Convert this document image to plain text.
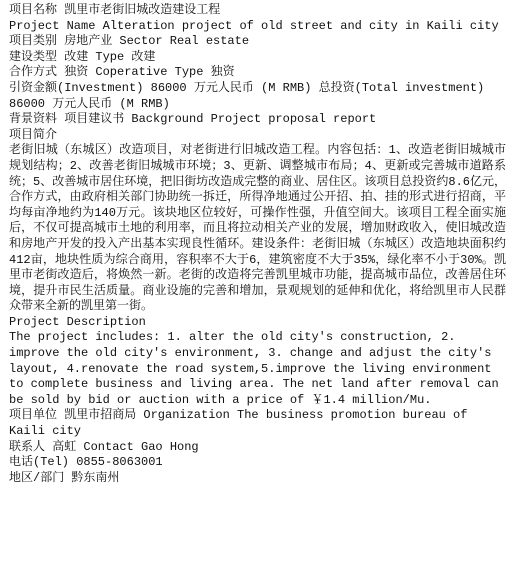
项目名称 凯里市老街旧城改造建设工程
Project Name Alteration project of old street and city in Kaili city
项目类别 房地产业 Sector Real estate
建设类型 改建 Type 改建
合作方式 独资 Coperative Type 独资
引资金额(Investment) 86000 万元人民币 (M RMB) 总投资(Total investment) 86000 万元人民币 (M RMB)
背景资料 项目建议书 Background Project proposal report
项目简介
老街旧城（东城区）改造项目，对老街进行旧城改造工程。内容包括：1、改造老街旧城城市规划结构；2、改善老街旧城城市环境；3、更新、调整城市布局；4、更新或完善城市道路系统；5、改善城市居住环境，把旧街坊改造成完整的商业、居住区。该项目总投资约8.6亿元，合作方式，由政府相关部门协助统一拆迁，所得净地通过公开招、拍、挂的形式进行招商，平均每亩净地约为140万元。该块地区位较好，可操作性强，升值空间大。该项目工程全面实施后，不仅可提高城市土地的利用率，而且将拉动相关产业的发展，增加财政收入，使旧城改造和房地产开发的投入产出基本实现良性循环。建设条件：老街旧城（东城区）改造地块面积约412亩，地块性质为综合商用，容积率不大于6，建筑密度不大于35%，绿化率不小于30%。凯里市老街改造后，将焕然一新。老街的改造将完善凯里城市功能，提高城市品位，改善居住环境，提升市民生活质量。商业设施的完善和增加，景观规划的延伸和优化，将给凯里市人民群众带来全新的凯里第一街。
Project Description
The project includes: 1. alter the old city's construction, 2. improve the old city's environment, 3. change and adjust the city's layout, 4.renovate the road system,5.improve the living environment to complete business and living area. The net land after removal can be sold by bid or auction with a price of ￥1.4 million/Mu.
项目单位 凯里市招商局 Organization The business promotion bureau of Kaili city
联系人 高虹 Contact Gao Hong
电话(Tel) 0855-8063001
地区/部门 黔东南州
